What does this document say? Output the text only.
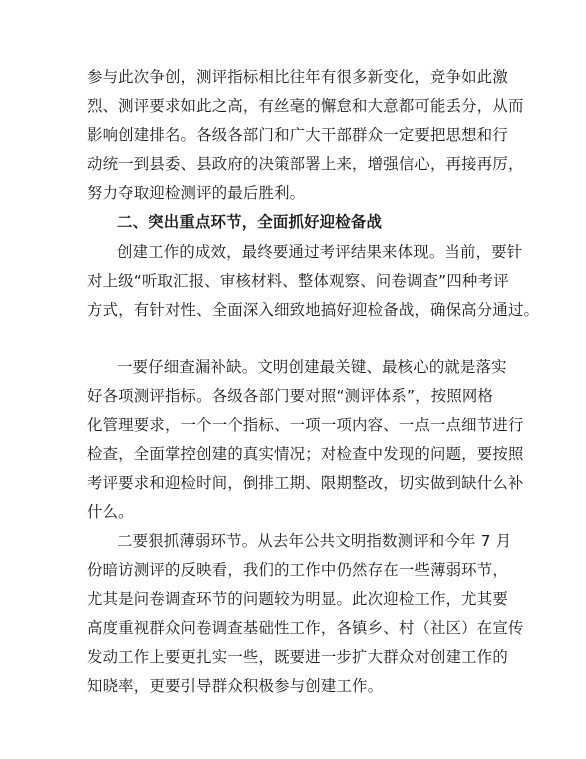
参与此次争创，测评指标相比往年有很多新变化，竞争如此激
烈、测评要求如此之高，有丝毫的懈怠和大意都可能丢分，从而
影响创建排名。各级各部门和广大干部群众一定要把思想和行
动统一到县委、县政府的决策部署上来，增强信心，再接再厉，
努力夺取迎检测评的最后胜利。
二、突出重点环节，全面抓好迎检备战
创建工作的成效，最终要通过考评结果来体现。当前，要针
对上级“听取汇报、审核材料、整体观察、问卷调查”四种考评
方式，有针对性、全面深入细致地搞好迎检备战，确保高分通过。
一要仔细查漏补缺。文明创建最关键、最核心的就是落实
好各项测评指标。各级各部门要对照“测评体系”，按照网格
化管理要求，一个一个指标、一项一项内容、一点一点细节进行
检查，全面掌控创建的真实情况；对检查中发现的问题，要按照
考评要求和迎检时间，倒排工期、限期整改，切实做到缺什么补
什么。
二要狠抓薄弱环节。从去年公共文明指数测评和今年 7 月
份暗访测评的反映看，我们的工作中仍然存在一些薄弱环节，
尤其是问卷调查环节的问题较为明显。此次迎检工作，尤其要
高度重视群众问卷调查基础性工作，各镇乡、村（社区）在宣传
发动工作上要更扎实一些，既要进一步扩大群众对创建工作的
知晓率，更要引导群众积极参与创建工作。
